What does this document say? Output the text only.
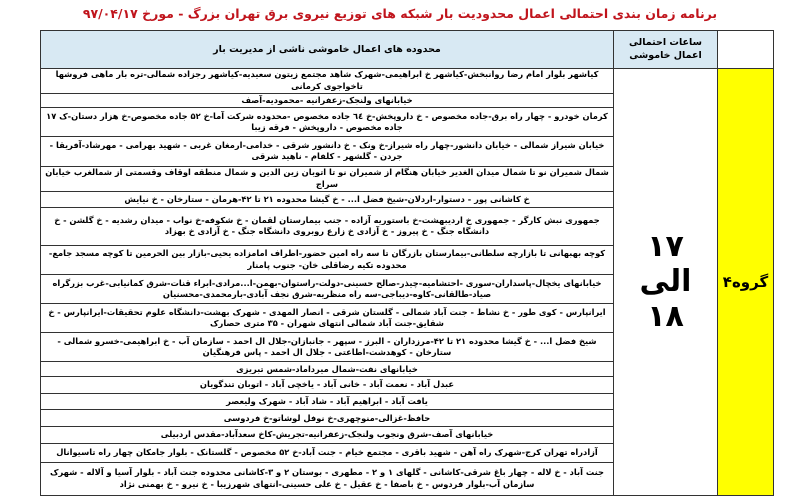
برنامه زمان بندی احتمالی اعمال محدودیت بار شبکه های توزیع نیروی برق تهران بزرگ - مورخ ۹۷/۰۴/۱۷
	ساعات احتمالی اعمال خاموشی	محدوده های اعمال خاموشی ناشی از مدیریت بار
گروه۴	۱۷ الی ۱۸	کیاشهر بلوار امام رضا روانبخش-کیاشهر خ ابراهیمی-شهرک شاهد مجتمع زیتون سعیدیه-کیاشهر رجزاده شمالی-تره بار ماهی فروشها تاخواجوی کرمانی
		خیابانهای ولنجک-زعفرانیه -محمودیه-آصف
		کرمان خودرو - چهار راه برق-جاده مخصوص - خ داروپخش-خ ٦٤ جاده مخصوص -محدوده شرکت آما-خ ۵۲ جاده مخصوص-خ هزار دستان-ک ۱۷ جاده مخصوص - داروپخش - فرقه زیبا
		خیابان شیراز شمالی - خیابان دانشور-چهار راه شیراز-خ ونک - خ دانشور شرقی - خدامی-ارمغان غربی - شهید بهرامی - مهرشاد-آفریقا - جردن - گلشهر - کلفام - ناهید شرقی
		شمال شمیران نو تا شمال میدان الغدیر خیابان هنگام از شمیران نو تا اتوبان زین الدین و شمال منطقه اوقاف وقسمتی از شمالغرب خیابان سراج
		خ کاشانی پور - دستوار-اردلان-شیخ فضل ا... - خ گیشا محدوده ۲۱ تا ۴۲-هرمان - ستارخان - خ نیایش
		جمهوری نبش کارگر - جمهوری خ اردیبهشت-خ باستوریه آزاده - جنب بیمارستان لقمان - خ شکوفه-خ نواب - میدان رشدیه - خ گلشن - خ دانشگاه جنگ - خ پیروز - خ آزادی خ زارع روبروی دانشگاه جنگ - خ آزادی خ بهزاد
		کوچه بهبهانی تا بازارچه سلطانی-بیمارستان بازرگان تا سه راه امین حضور-اطراف امامزاده یحیی-بازار بین الحرمین تا کوچه مسجد جامع-محدوده تکیه رضاقلی خان- جنوب پامنار
		خیابانهای یخچال-پاسداران-سوری -احتشامیه-چیذر-صالح حسینی-دولت-راستوان-بهمن-ا...مرادی-ابراء قنات-شرق کمانیابی-غرب بزرگراه صیاد-طالقانی-کاوه-دیباجی-سه راه منظریه-شرق نجف آبادی-بارمحمدی-محسنیان
		ایرانپارس - کوی طور - خ نشاط - جنت آباد شمالی - گلستان شرقی - انصار المهدی - شهرک بهشت-دانشگاه علوم تحقیقات-ایرانپارس - خ شقایق-جنت آباد شمالی انتهای شهران - ۳۵ متری حصارک
		شیخ فضل ا... - خ گیشا محدوده ۲۱ تا ۴۲-مرزداران - البرز - سپهر - جانبازان-جلال ال احمد - سازمان آب - خ ابراهیمی-خسرو شمالی - ستارخان - کوهدشت-اطاعتی - جلال ال احمد - پاس فرهنگیان
		خیابانهای نفت-شمال میرداماد-شمس تبریزی
		عبدل آباد - نعمت آباد - خانی آباد - یاخچی آباد - اتوبان تندگویان
		یافت آباد - ابراهیم آباد - شاد آباد - شهرک ولیعصر
		حافظ-غزالی-منوچهری-خ نوفل لوشاتو-خ فردوسی
		خیابانهای آصف-شرق ونجوب ولنجک-زعفرانیه-تجریش-کاخ سعدآباد-مقدس اردبیلی
		آزادراه تهران کرج-شهرک راه آهن - شهید باقری - مجتمع خیام - جنت آباد-خ ۵۲ مخصوص - گلستانک - بلوار جامکان چهار راه تاسیوانال
		جنت آباد - خ لاله - چهار باغ شرقی-کاشانی - گلهای ۱ و ۲ - مطهری - بوستان ۲ و ۳-کاشانی محدوده جنت آباد - بلوار آسیا و آلاله - شهرک سازمان آب-بلوار فردوس - خ باصفا - خ عقیل - خ علی حسینی-انتهای شهرزیبا - خ نیرو - خ بهمنی نژاد
